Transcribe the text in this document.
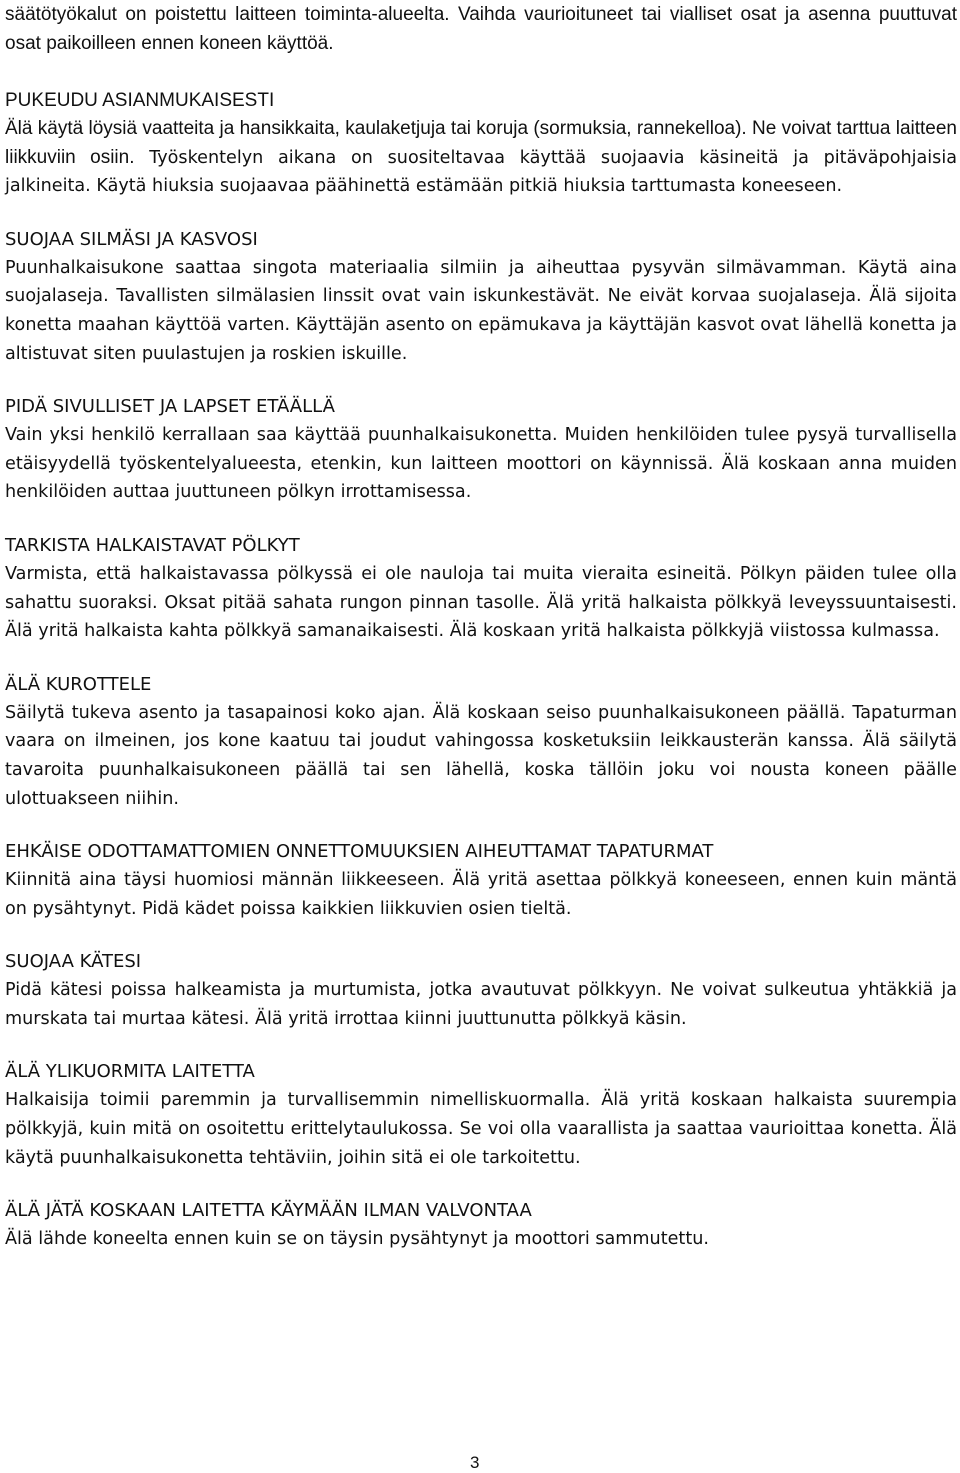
säätötyökalut on poistettu laitteen toiminta-alueelta. Vaihda vaurioituneet tai vialliset osat ja asenna puuttuvat osat paikoilleen ennen koneen käyttöä.

PUKEUDU ASIANMUKAISESTI

Älä käytä löysiä vaatteita ja hansikkaita, kaulaketjuja tai koruja (sormuksia, rannekelloa). Ne voivat tarttua laitteen liikkuviin osiin. Työskentelyn aikana on suositeltavaa käyttää suojaavia käsineitä ja pitäväpohjaisia jalkineita. Käytä hiuksia suojaavaa päähinettä estämään pitkiä hiuksia tarttumasta koneeseen.

SUOJAA SILMÄSI JA KASVOSI

Puunhalkaisukone saattaa singota materiaalia silmiin ja aiheuttaa pysyvän silmävamman. Käytä aina suojalaseja. Tavallisten silmälasien linssit ovat vain iskunkestävät. Ne eivät korvaa suojalaseja. Älä sijoita konetta maahan käyttöä varten. Käyttäjän asento on epämukava ja käyttäjän kasvot ovat lähellä konetta ja altistuvat siten puulastujen ja roskien iskuille.

PIDÄ SIVULLISET JA LAPSET ETÄÄLLÄ

Vain yksi henkilö kerrallaan saa käyttää puunhalkaisukonetta. Muiden henkilöiden tulee pysyä turvallisella etäisyydellä työskentelyalueesta, etenkin, kun laitteen moottori on käynnissä. Älä koskaan anna muiden henkilöiden auttaa juuttuneen pölkyn irrottamisessa.

TARKISTA HALKAISTAVAT PÖLKYT

Varmista, että halkaistavassa pölkyssä ei ole nauloja tai muita vieraita esineitä. Pölkyn päiden tulee olla sahattu suoraksi. Oksat pitää sahata rungon pinnan tasolle. Älä yritä halkaista pölkkyä leveyssuuntaisesti. Älä yritä halkaista kahta pölkkyä samanaikaisesti. Älä koskaan yritä halkaista pölkkyjä viistossa kulmassa.

ÄLÄ KUROTTELE

Säilytä tukeva asento ja tasapainosi koko ajan. Älä koskaan seiso puunhalkaisukoneen päällä. Tapaturman vaara on ilmeinen, jos kone kaatuu tai joudut vahingossa kosketuksiin leikkausterän kanssa. Älä säilytä tavaroita puunhalkaisukoneen päällä tai sen lähellä, koska tällöin joku voi nousta koneen päälle ulottuakseen niihin.

EHKÄISE ODOTTAMATTOMIEN ONNETTOMUUKSIEN AIHEUTTAMAT TAPATURMAT

Kiinnitä aina täysi huomiosi männän liikkeeseen. Älä yritä asettaa pölkkyä koneeseen, ennen kuin mäntä on pysähtynyt. Pidä kädet poissa kaikkien liikkuvien osien tieltä.

SUOJAA KÄTESI

Pidä kätesi poissa halkeamista ja murtumista, jotka avautuvat pölkkyyn. Ne voivat sulkeutua yhtäkkiä ja murskata tai murtaa kätesi. Älä yritä irrottaa kiinni juuttunutta pölkkyä käsin.

ÄLÄ YLIKUORMITA LAITETTA

Halkaisija toimii paremmin ja turvallisemmin nimelliskuormalla. Älä yritä koskaan halkaista suurempia pölkkyjä, kuin mitä on osoitettu erittelytaulukossa. Se voi olla vaarallista ja saattaa vaurioittaa konetta. Älä käytä puunhalkaisukonetta tehtäviin, joihin sitä ei ole tarkoitettu.

ÄLÄ JÄTÄ KOSKAAN LAITETTA KÄYMÄÄN ILMAN VALVONTAA

Älä lähde koneelta ennen kuin se on täysin pysähtynyt ja moottori sammutettu.

3
